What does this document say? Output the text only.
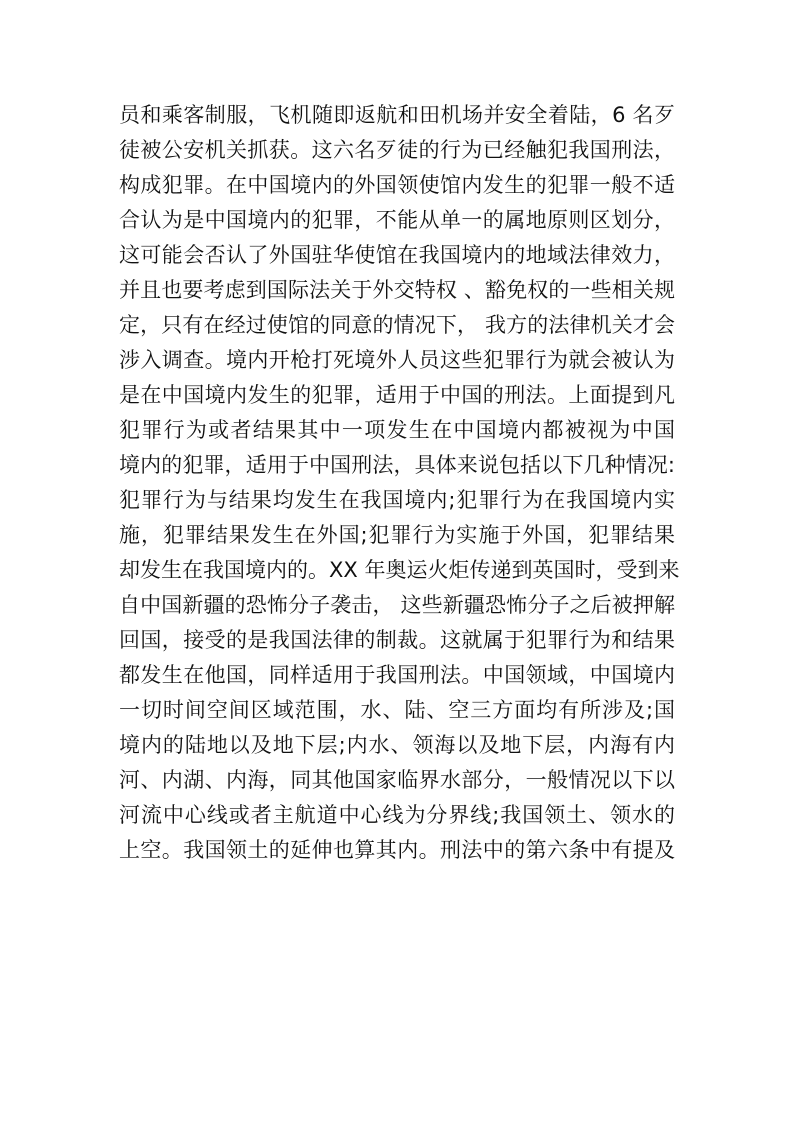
员和乘客制服，飞机随即返航和田机场并安全着陆，6 名歹
徒被公安机关抓获。这六名歹徒的行为已经触犯我国刑法，
构成犯罪。在中国境内的外国领使馆内发生的犯罪一般不适
合认为是中国境内的犯罪，不能从单一的属地原则区划分，
这可能会否认了外国驻华使馆在我国境内的地域法律效力，
并且也要考虑到国际法关于外交特权 、豁免权的一些相关规
定，只有在经过使馆的同意的情况下， 我方的法律机关才会
涉入调查。境内开枪打死境外人员这些犯罪行为就会被认为
是在中国境内发生的犯罪，适用于中国的刑法。上面提到凡
犯罪行为或者结果其中一项发生在中国境内都被视为中国
境内的犯罪，适用于中国刑法，具体来说包括以下几种情况:
犯罪行为与结果均发生在我国境内;犯罪行为在我国境内实
施，犯罪结果发生在外国;犯罪行为实施于外国，犯罪结果
却发生在我国境内的。XX 年奥运火炬传递到英国时，受到来
自中国新疆的恐怖分子袭击， 这些新疆恐怖分子之后被押解
回国，接受的是我国法律的制裁。这就属于犯罪行为和结果
都发生在他国，同样适用于我国刑法。中国领域，中国境内
一切时间空间区域范围，水、陆、空三方面均有所涉及;国
境内的陆地以及地下层;内水、领海以及地下层，内海有内
河、内湖、内海，同其他国家临界水部分，一般情况以下以
河流中心线或者主航道中心线为分界线;我国领土、领水的
上空。我国领土的延伸也算其内。刑法中的第六条中有提及
